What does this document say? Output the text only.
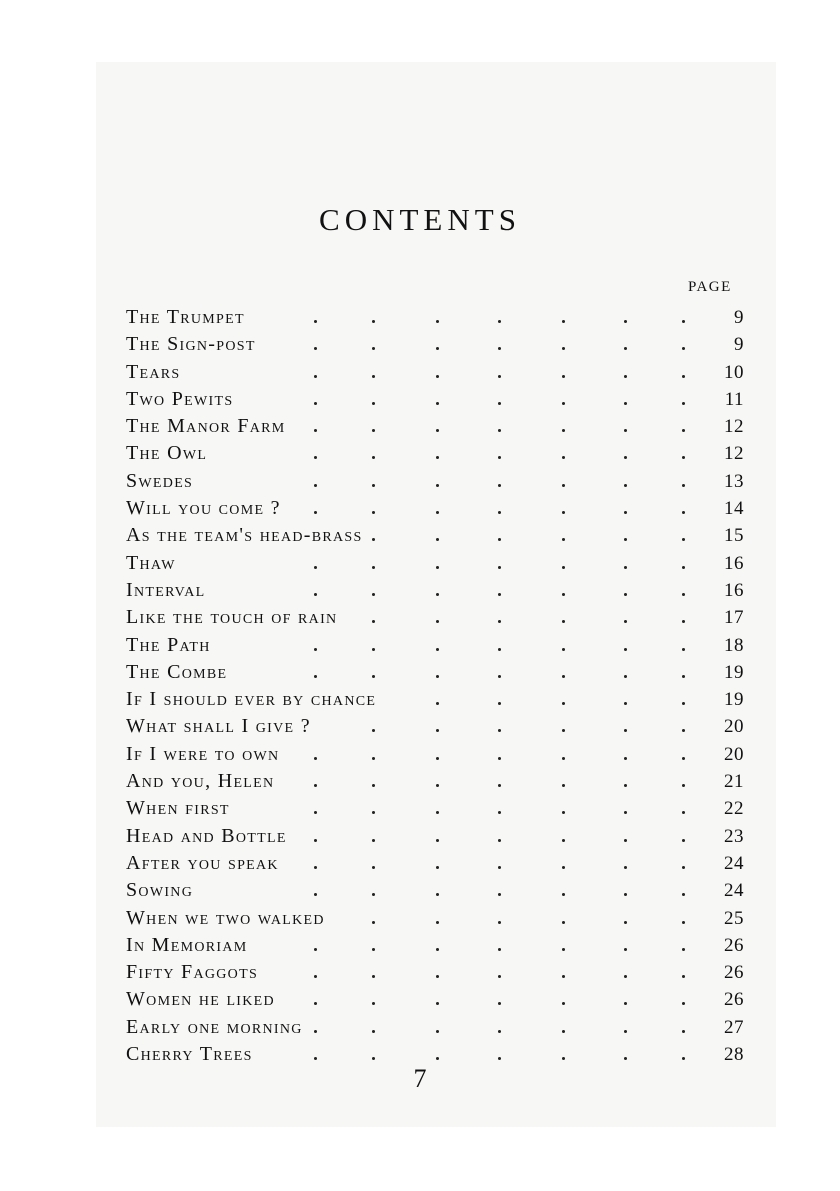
CONTENTS
PAGE
The Trumpet	9
The Sign-post	9
Tears	10
Two Pewits	11
The Manor Farm	12
The Owl	12
Swedes	13
Will you come ?	14
As the team's head-brass	15
Thaw	16
Interval	16
Like the touch of rain	17
The Path	18
The Combe	19
If I should ever by chance	19
What shall I give ?	20
If I were to own	20
And you, Helen	21
When first	22
Head and Bottle	23
After you speak	24
Sowing	24
When we two walked	25
In Memoriam	26
Fifty Faggots	26
Women he liked	26
Early one morning	27
Cherry Trees	28
7
